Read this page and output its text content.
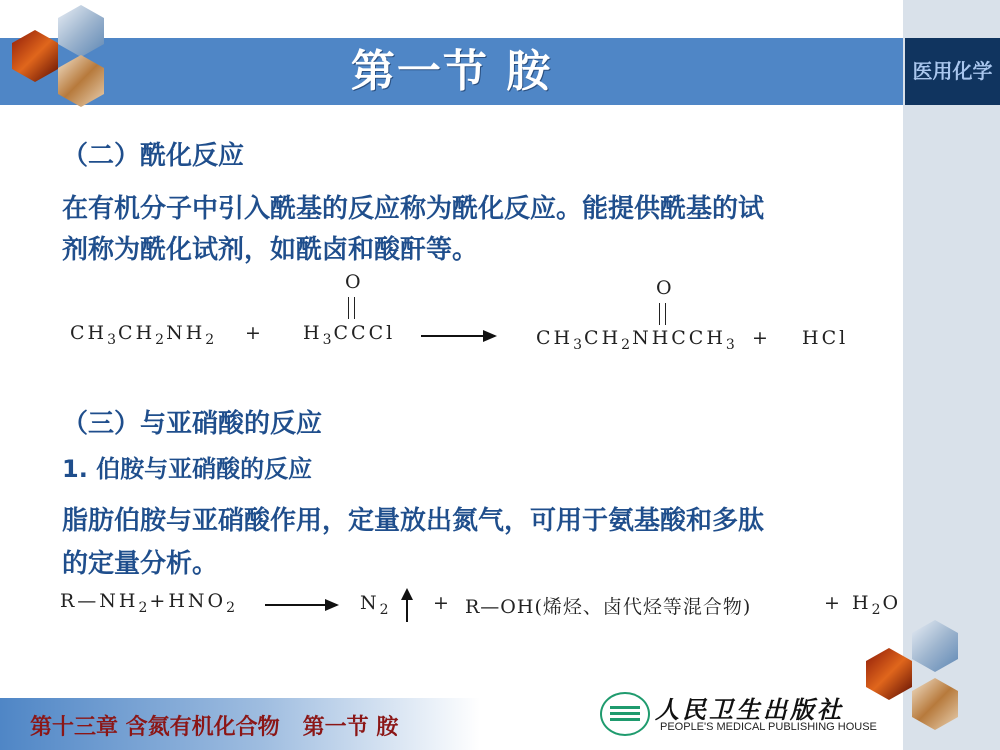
第一节 胺	医用化学
（二）酰化反应
在有机分子中引入酰基的反应称为酰化反应。能提供酰基的试
剂称为酰化试剂，如酰卤和酸酐等。
$CH_3CH_2NH_2$ +
O
$H_3CCCl$
O
$CH_3CH_2NHCCH_3$ + HCl
（三）与亚硝酸的反应
1. 伯胺与亚硝酸的反应
脂肪伯胺与亚硝酸作用，定量放出氮气，可用于氨基酸和多肽
的定量分析。
$R—NH_2+HNO_2$	$N_2$ + R—OH(烯烃、卤代烃等混合物)	+ $H_2O$
第十三章 含氮有机化合物   第一节 胺
人民卫生出版社
PEOPLE'S MEDICAL PUBLISHING HOUSE
